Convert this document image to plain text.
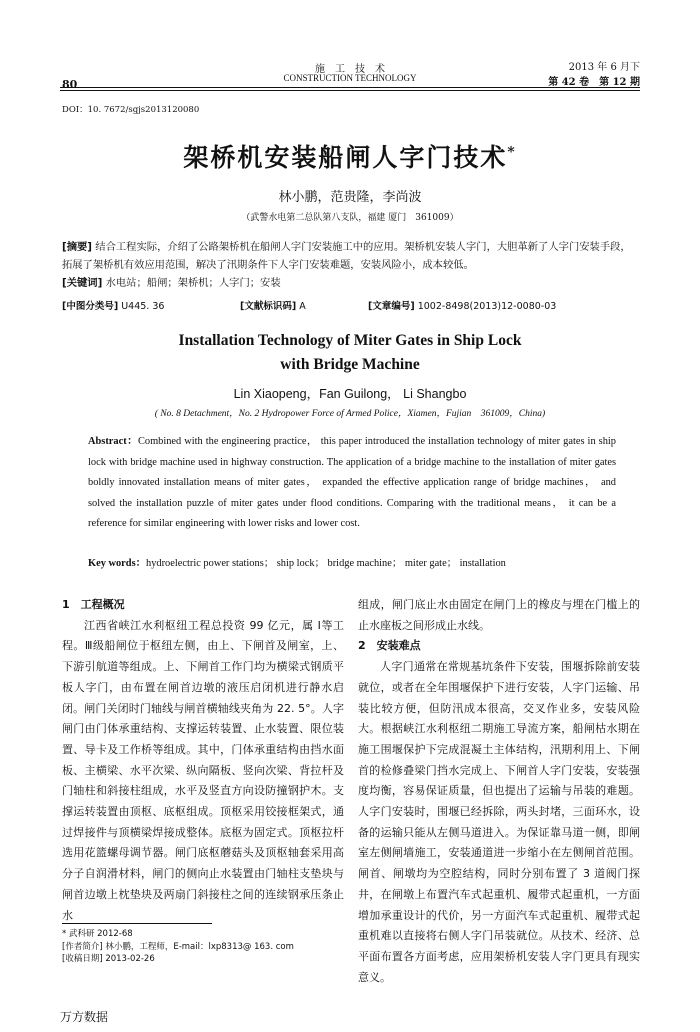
施　工　技　术
CONSTRUCTION TECHNOLOGY
80
2013 年 6 月下
第 42 卷　第 12 期
DOI：10. 7672/sgjs2013120080
架桥机安装船闸人字门技术*
林小鹏，范贵隆，李尚波
（武警水电第二总队第八支队，福建 厦门　361009）
[摘要] 结合工程实际，介绍了公路架桥机在船闸人字门安装施工中的应用。架桥机安装人字门，大胆革新了人字门安装手段，拓展了架桥机有效应用范围，解决了汛期条件下人字门安装难题，安装风险小，成本较低。
[关键词] 水电站；船闸；架桥机；人字门；安装
[中图分类号] U445. 36	[文献标识码] A	[文章编号] 1002-8498(2013)12-0080-03
Installation Technology of Miter Gates in Ship Lock
with Bridge Machine
Lin Xiaopeng，Fan Guilong， Li Shangbo
( No. 8 Detachment，No. 2 Hydropower Force of Armed Police，Xiamen，Fujian　361009，China)
Abstract：Combined with the engineering practice， this paper introduced the installation technology of miter gates in ship lock with bridge machine used in highway construction. The application of a bridge machine to the installation of miter gates boldly innovated installation means of miter gates， expanded the effective application range of bridge machines， and solved the installation puzzle of miter gates under flood conditions. Comparing with the traditional means， it can be a reference for similar engineering with lower risks and lower cost.
Key words：hydroelectric power stations； ship lock； bridge machine； miter gate； installation
1　工程概况

江西省峡江水利枢纽工程总投资 99 亿元，属 Ⅰ等工程。Ⅲ级船闸位于枢纽左侧，由上、下闸首及闸室，上、下游引航道等组成。上、下闸首工作门均为横梁式钢质平板人字门，由布置在闸首边墩的液压启闭机进行静水启闭。闸门关闭时门轴线与闸首横轴线夹角为 22. 5°。人字闸门由门体承重结构、支撑运转装置、止水装置、限位装置、导卡及工作桥等组成。其中，门体承重结构由挡水面板、主横梁、水平次梁、纵向隔板、竖向次梁、背拉杆及门轴柱和斜接柱组成，水平及竖直方向设防撞钢护木。支撑运转装置由顶枢、底枢组成。顶枢采用铰接框架式，通过焊接件与顶横梁焊接成整体。底枢为固定式。顶枢拉杆选用花篮螺母调节器。闸门底枢蘑菇头及顶枢轴套采用高分子自润滑材料，闸门的侧向止水装置由门轴柱支垫块与闸首边墩上枕垫块及两扇门斜接柱之间的连续钢承压条止水

组成，闸门底止水由固定在闸门上的橡皮与埋在门槛上的止水座板之间形成止水线。

2　安装难点

人字门通常在常规基坑条件下安装，围堰拆除前安装就位，或者在全年围堰保护下进行安装，人字门运输、吊装比较方便，但防汛成本很高，交叉作业多，安装风险大。根据峡江水利枢纽二期施工导流方案，船闸枯水期在施工围堰保护下完成混凝土主体结构，汛期利用上、下闸首的检修叠梁门挡水完成上、下闸首人字门安装，安装强度均衡，容易保证质量，但也提出了运输与吊装的难题。人字门安装时，围堰已经拆除，两头封堵，三面环水，设备的运输只能从左侧马道进入。为保证靠马道一侧，即闸室左侧闸墙施工，安装通道进一步缩小在左侧闸首范围。闸首、闸墩均为空腔结构，同时分别布置了 3 道阀门探井，在闸墩上布置汽车式起重机、履带式起重机，一方面增加承重设计的代价，另一方面汽车式起重机、履带式起重机难以直接将右侧人字门吊装就位。从技术、经济、总平面布置各方面考虑，应用架桥机安装人字门更具有现实意义。

* 武科研 2012-68
[作者简介] 林小鹏，工程师，E-mail：lxp8313@ 163. com
[收稿日期] 2013-02-26
万方数据
